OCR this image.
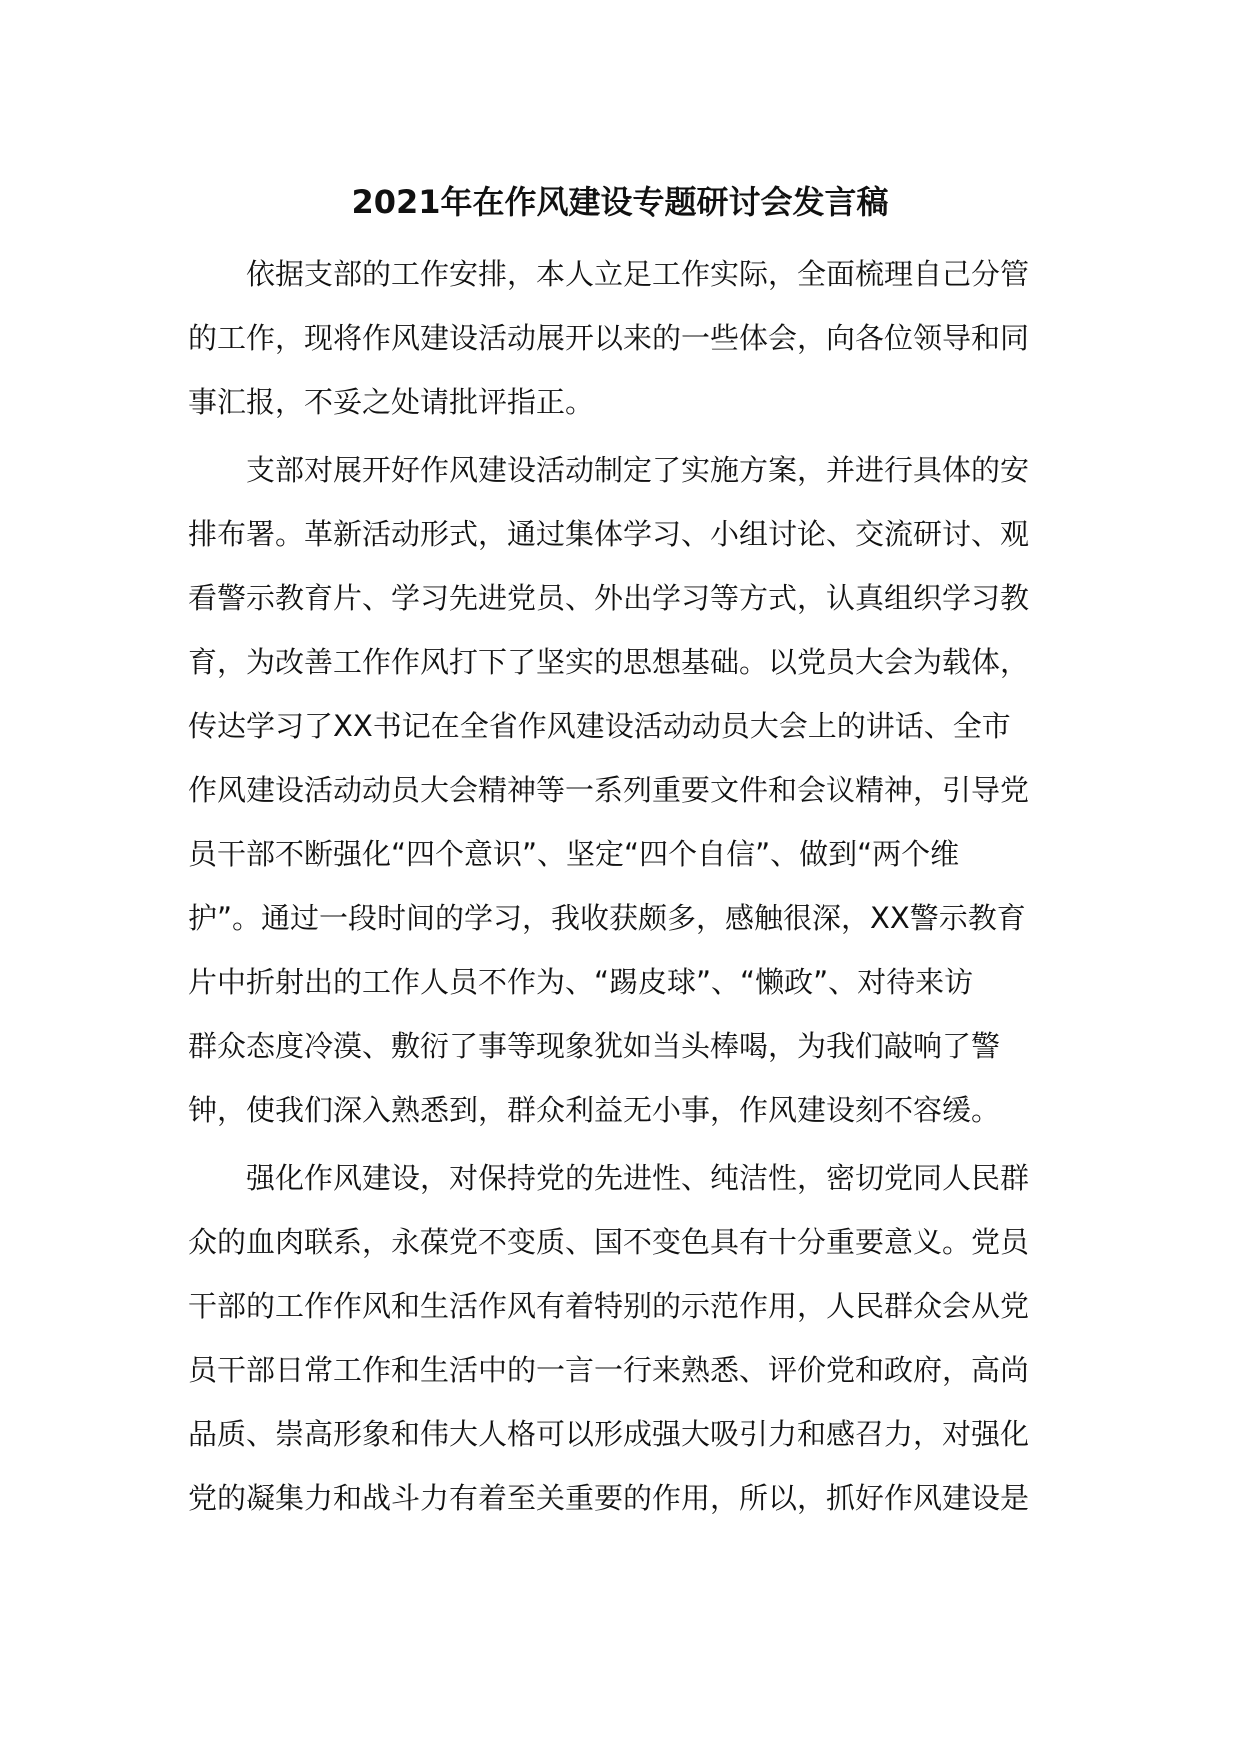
2021年在作风建设专题研讨会发言稿
依据支部的工作安排，本人立足工作实际，全面梳理自己分管
的工作，现将作风建设活动展开以来的一些体会，向各位领导和同
事汇报，不妥之处请批评指正。
支部对展开好作风建设活动制定了实施方案，并进行具体的安
排布署。革新活动形式，通过集体学习、小组讨论、交流研讨、观
看警示教育片、学习先进党员、外出学习等方式，认真组织学习教
育，为改善工作作风打下了坚实的思想基础。以党员大会为载体，
传达学习了XX书记在全省作风建设活动动员大会上的讲话、全市
作风建设活动动员大会精神等一系列重要文件和会议精神，引导党
员干部不断强化“四个意识”、坚定“四个自信”、做到“两个维
护”。通过一段时间的学习，我收获颇多，感触很深，XX警示教育
片中折射出的工作人员不作为、“踢皮球”、“懒政”、对待来访
群众态度冷漠、敷衍了事等现象犹如当头棒喝，为我们敲响了警
钟，使我们深入熟悉到，群众利益无小事，作风建设刻不容缓。
强化作风建设，对保持党的先进性、纯洁性，密切党同人民群
众的血肉联系，永葆党不变质、国不变色具有十分重要意义。党员
干部的工作作风和生活作风有着特别的示范作用，人民群众会从党
员干部日常工作和生活中的一言一行来熟悉、评价党和政府，高尚
品质、崇高形象和伟大人格可以形成强大吸引力和感召力，对强化
党的凝集力和战斗力有着至关重要的作用，所以，抓好作风建设是
